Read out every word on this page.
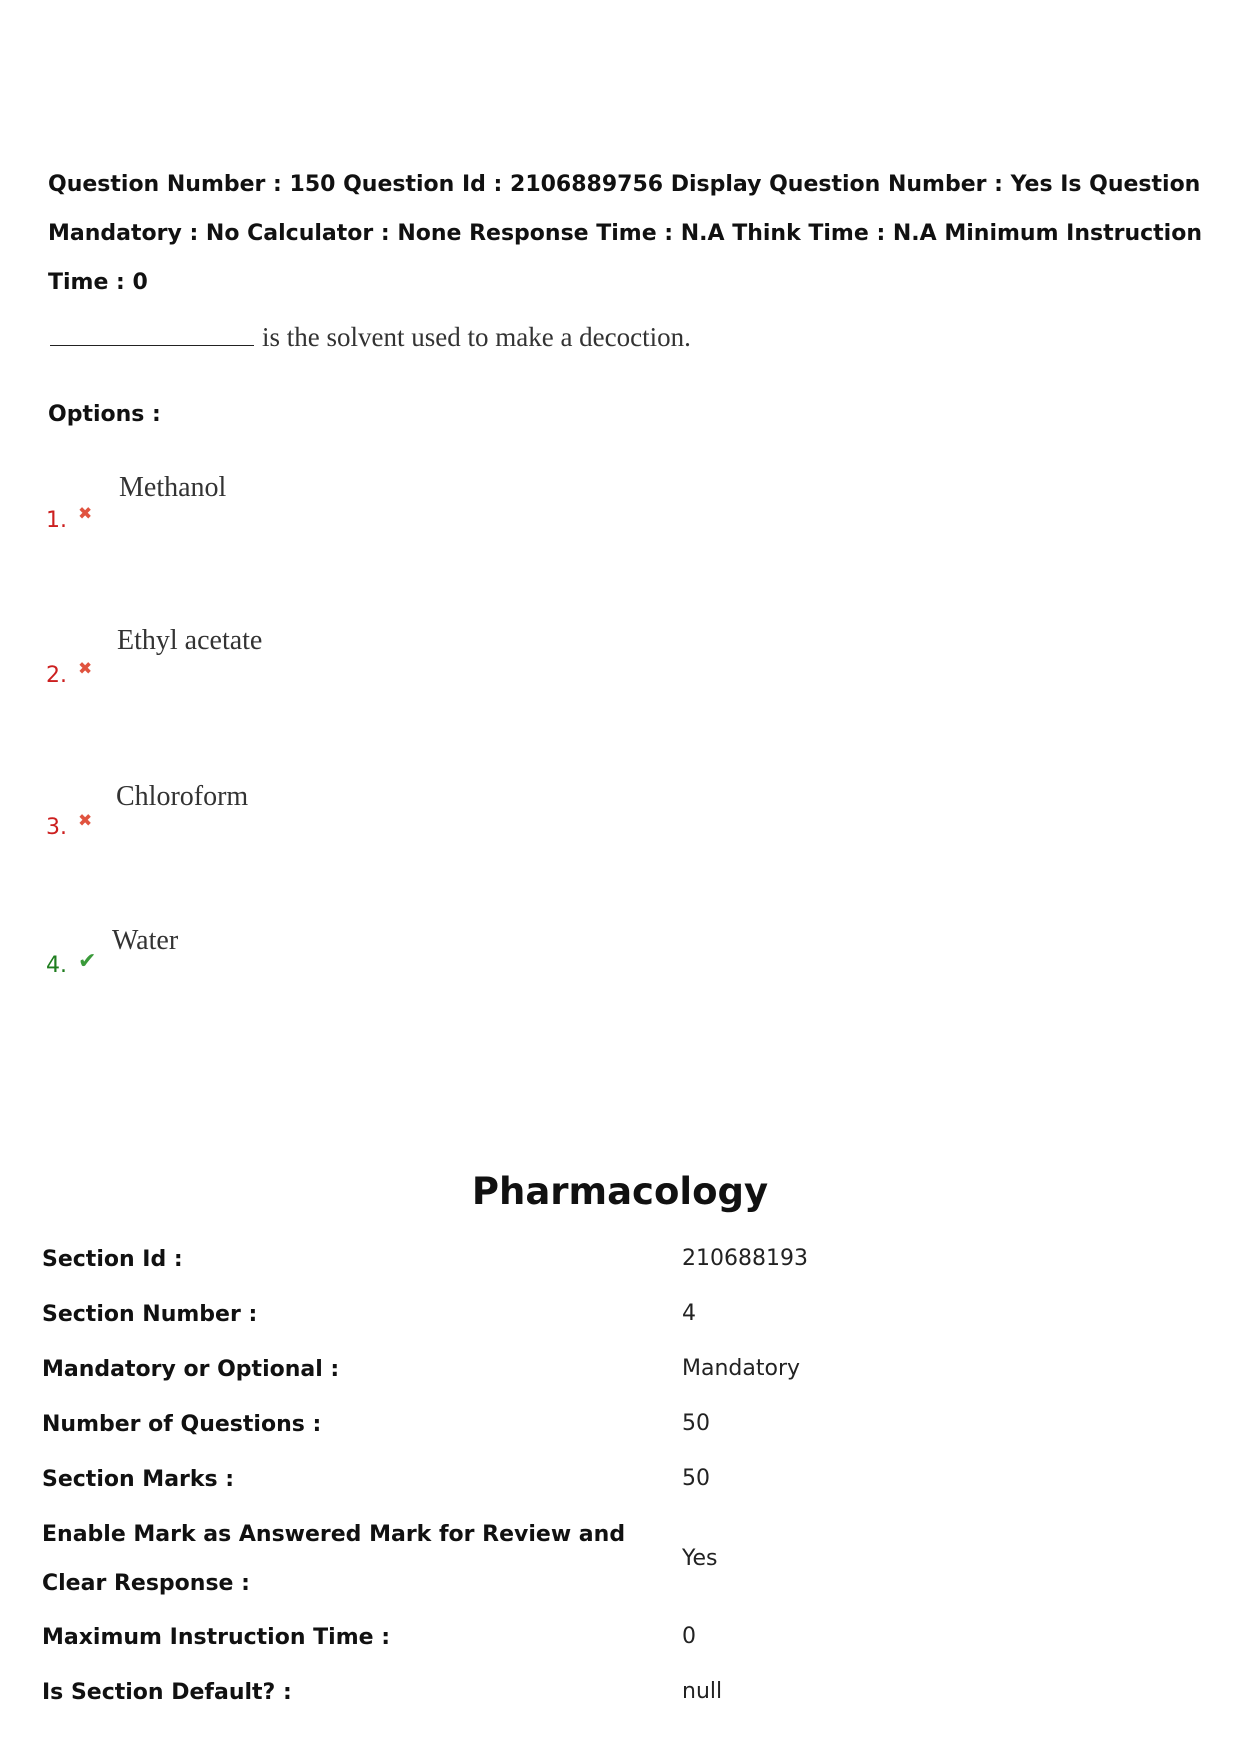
Question Number : 150 Question Id : 2106889756 Display Question Number : Yes Is Question

Mandatory : No Calculator : None Response Time : N.A Think Time : N.A Minimum Instruction

Time : 0

is the solvent used to make a decoction.
Options :
1. ✖
Methanol
2. ✖
Ethyl acetate
3. ✖
Chloroform
4. ✔
Water
Pharmacology
Section Id :	210688193
Section Number :	4
Mandatory or Optional :	Mandatory
Number of Questions :	50
Section Marks :	50
Enable Mark as Answered Mark for Review and
Clear Response :
Yes
Maximum Instruction Time :	0
Is Section Default? :	null
